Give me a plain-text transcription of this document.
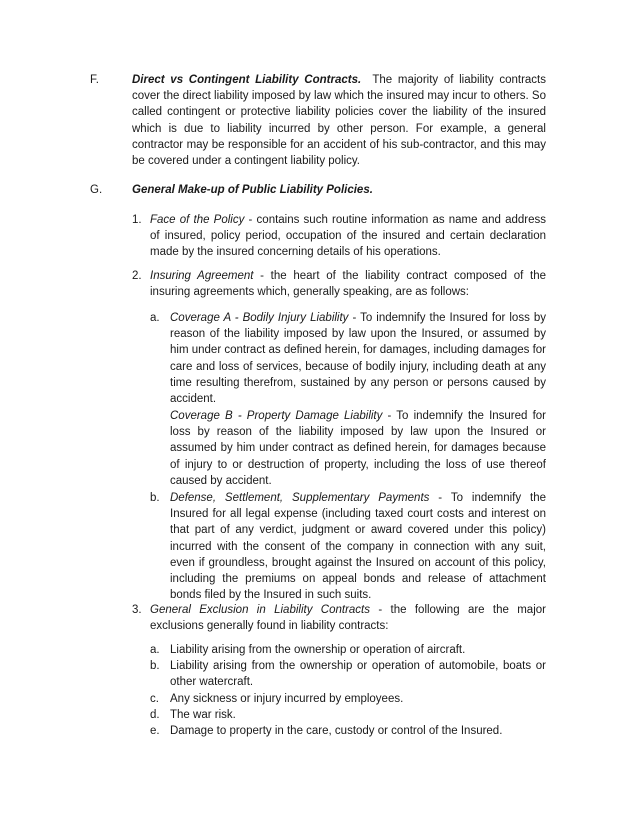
F.	Direct vs Contingent Liability Contracts. The majority of liability contracts cover the direct liability imposed by law which the insured may incur to others. So called contingent or protective liability policies cover the liability of the insured which is due to liability incurred by other person. For example, a general contractor may be responsible for an accident of his sub-contractor, and this may be covered under a contingent liability policy.
G.	General Make-up of Public Liability Policies.
1. Face of the Policy - contains such routine information as name and address of insured, policy period, occupation of the insured and certain declaration made by the insured concerning details of his operations.
2. Insuring Agreement - the heart of the liability contract composed of the insuring agreements which, generally speaking, are as follows:
a. Coverage A - Bodily Injury Liability - To indemnify the Insured for loss by reason of the liability imposed by law upon the Insured, or assumed by him under contract as defined herein, for damages, including damages for care and loss of services, because of bodily injury, including death at any time resulting therefrom, sustained by any person or persons caused by accident.
Coverage B - Property Damage Liability - To indemnify the Insured for loss by reason of the liability imposed by law upon the Insured or assumed by him under contract as defined herein, for damages because of injury to or destruction of property, including the loss of use thereof caused by accident.
b. Defense, Settlement, Supplementary Payments - To indemnify the Insured for all legal expense (including taxed court costs and interest on that part of any verdict, judgment or award covered under this policy) incurred with the consent of the company in connection with any suit, even if groundless, brought against the Insured on account of this policy, including the premiums on appeal bonds and release of attachment bonds filed by the Insured in such suits.
3. General Exclusion in Liability Contracts - the following are the major exclusions generally found in liability contracts:
a. Liability arising from the ownership or operation of aircraft.
b. Liability arising from the ownership or operation of automobile, boats or other watercraft.
c. Any sickness or injury incurred by employees.
d. The war risk.
e. Damage to property in the care, custody or control of the Insured.
